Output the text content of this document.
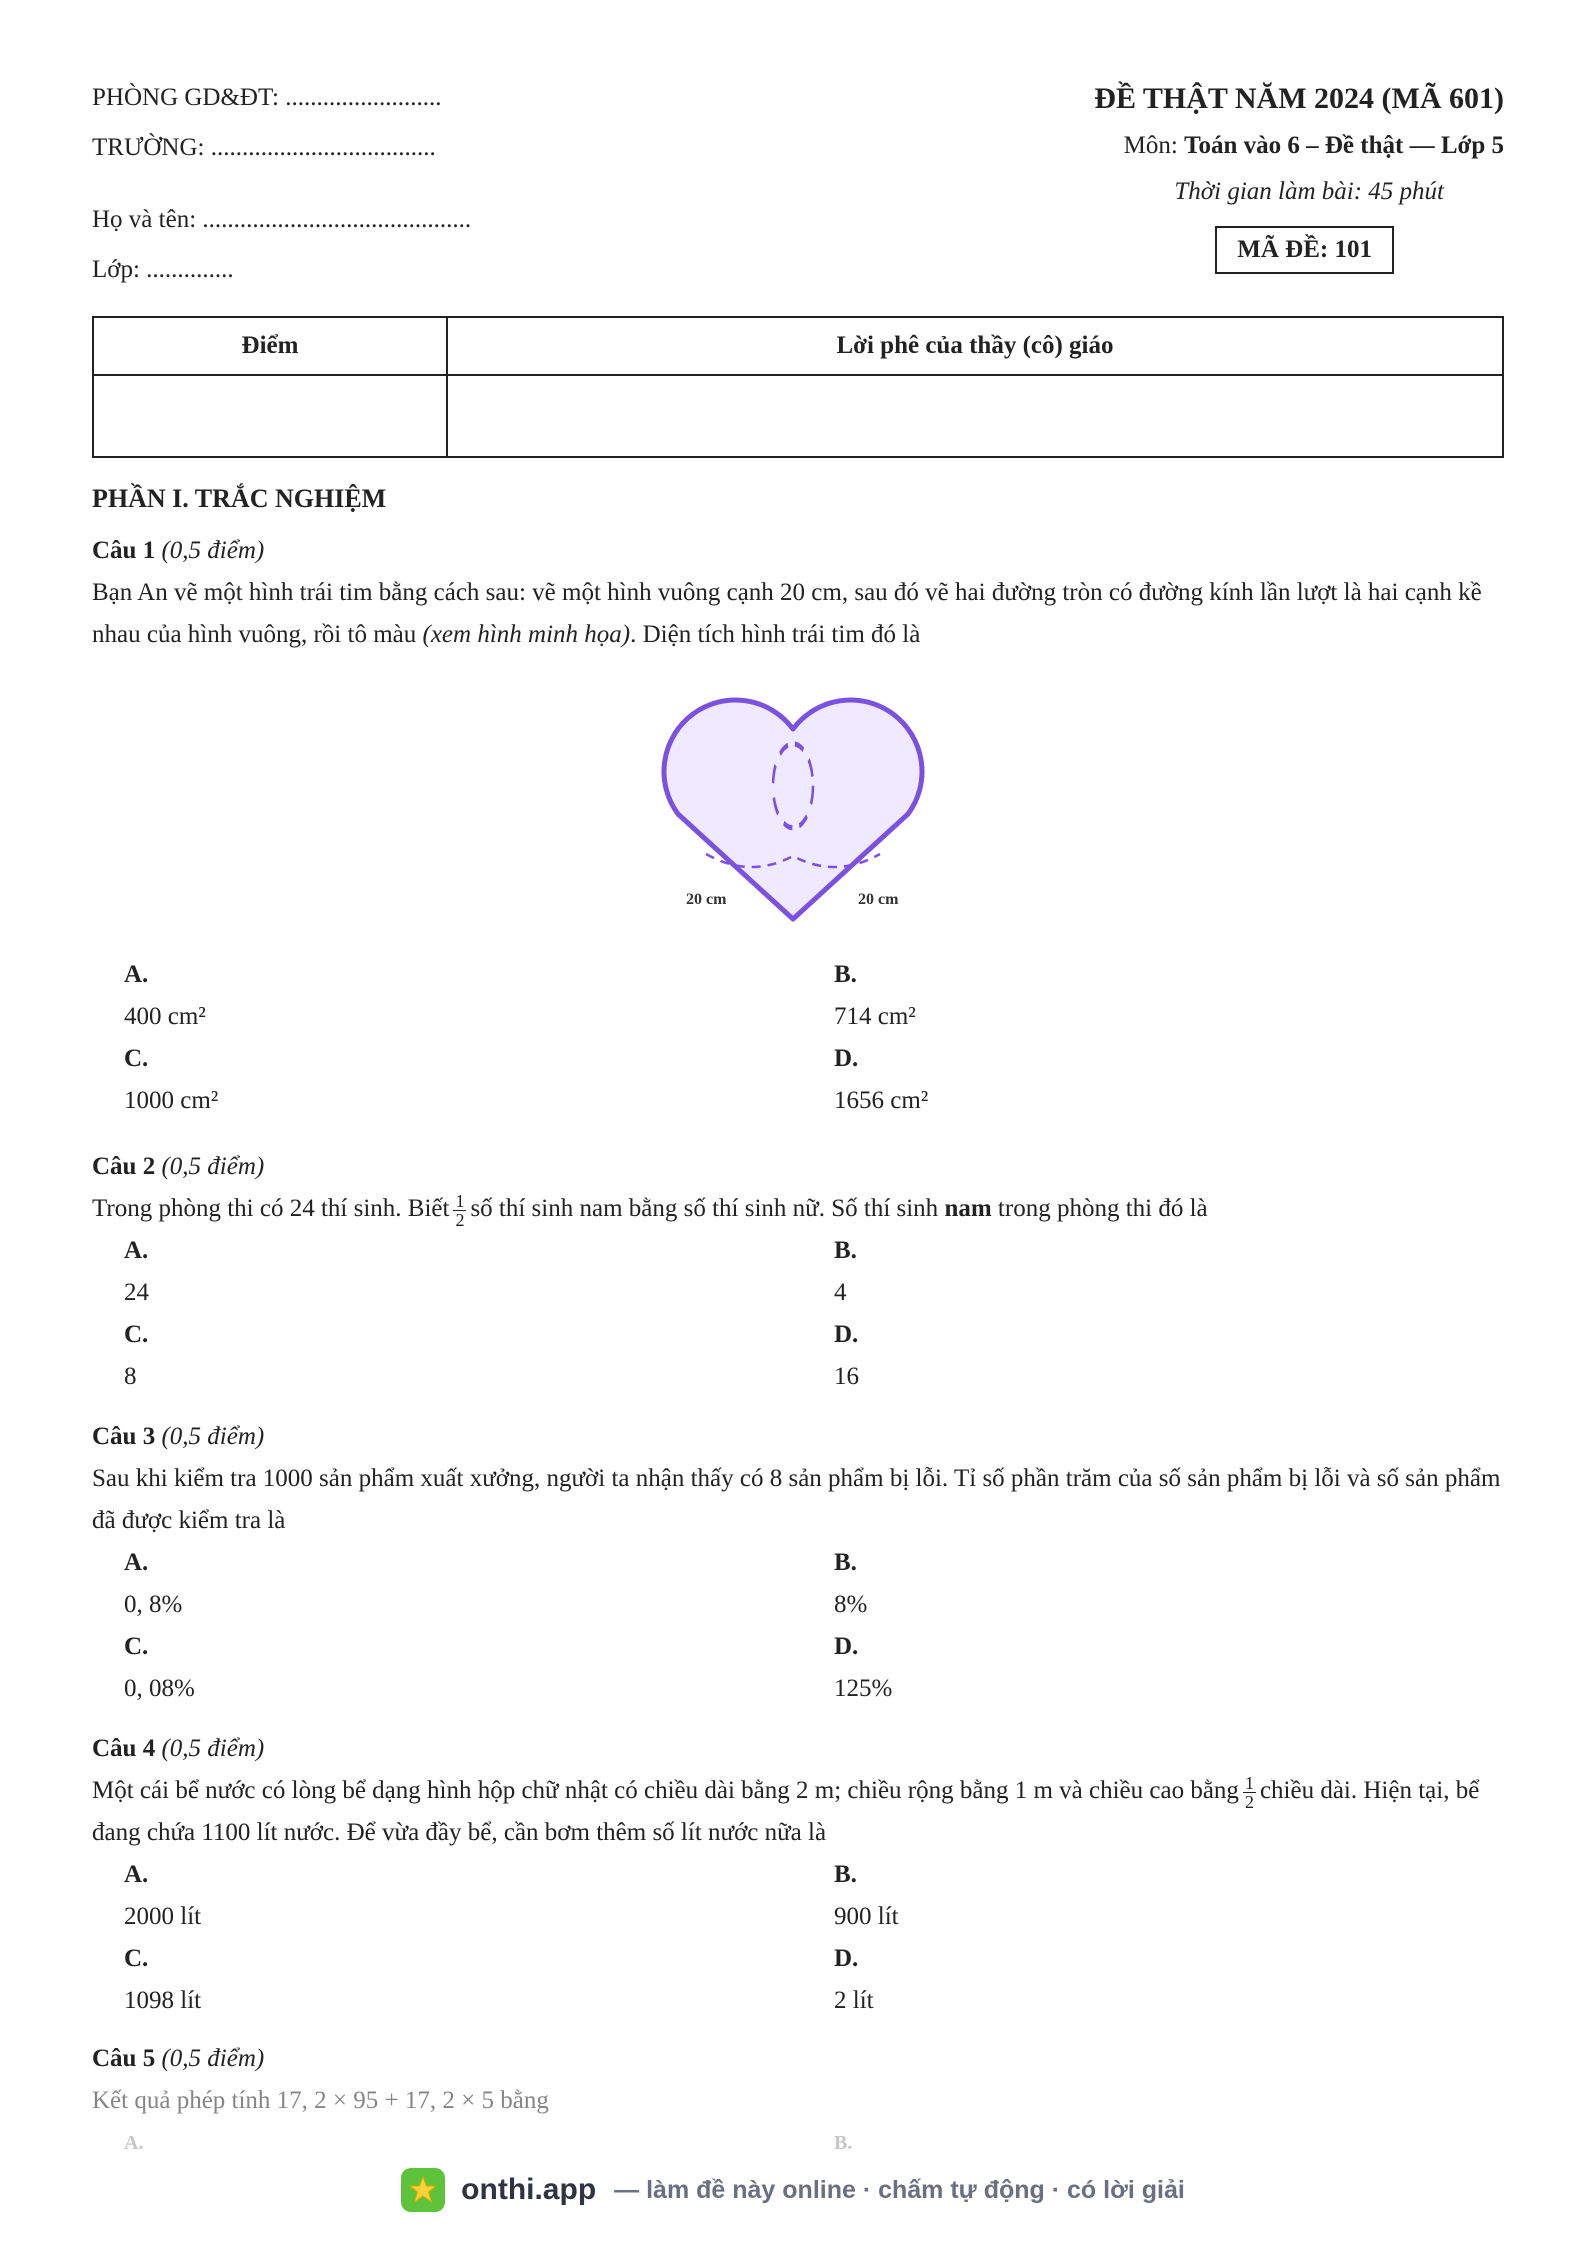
PHÒNG GD&ĐT: .........................
TRƯỜNG: ....................................
Họ và tên: ...........................................
Lớp: ..............
ĐỀ THẬT NĂM 2024 (MÃ 601)
Môn: Toán vào 6 – Đề thật — Lớp 5
Thời gian làm bài: 45 phút
MÃ ĐỀ: 101
Điểm	Lời phê của thầy (cô) giáo

PHẦN I. TRẮC NGHIỆM
Câu 1 (0,5 điểm)
Bạn An vẽ một hình trái tim bằng cách sau: vẽ một hình vuông cạnh 20 cm, sau đó vẽ hai đường tròn có đường kính lần lượt là hai cạnh kề nhau của hình vuông, rồi tô màu (xem hình minh họa). Diện tích hình trái tim đó là
20 cm	20 cm
A.
400 cm²
B.
714 cm²
C.
1000 cm²
D.
1656 cm²
Câu 2 (0,5 điểm)
Trong phòng thi có 24 thí sinh. Biết $\frac{1}{2}$ số thí sinh nam bằng số thí sinh nữ. Số thí sinh nam trong phòng thi đó là
A.
24
B.
4
C.
8
D.
16
Câu 3 (0,5 điểm)
Sau khi kiểm tra 1000 sản phẩm xuất xưởng, người ta nhận thấy có 8 sản phẩm bị lỗi. Tỉ số phần trăm của số sản phẩm bị lỗi và số sản phẩm đã được kiểm tra là
A.
0, 8%
B.
8%
C.
0, 08%
D.
125%
Câu 4 (0,5 điểm)
Một cái bể nước có lòng bể dạng hình hộp chữ nhật có chiều dài bằng 2 m; chiều rộng bằng 1 m và chiều cao bằng $\frac{1}{2}$ chiều dài. Hiện tại, bể đang chứa 1100 lít nước. Để vừa đầy bể, cần bơm thêm số lít nước nữa là
A.
2000 lít
B.
900 lít
C.
1098 lít
D.
2 lít
Câu 5 (0,5 điểm)
Kết quả phép tính 17, 2 × 95 + 17, 2 × 5 bằng
A.	B.
onthi.app — làm đề này online · chấm tự động · có lời giải
